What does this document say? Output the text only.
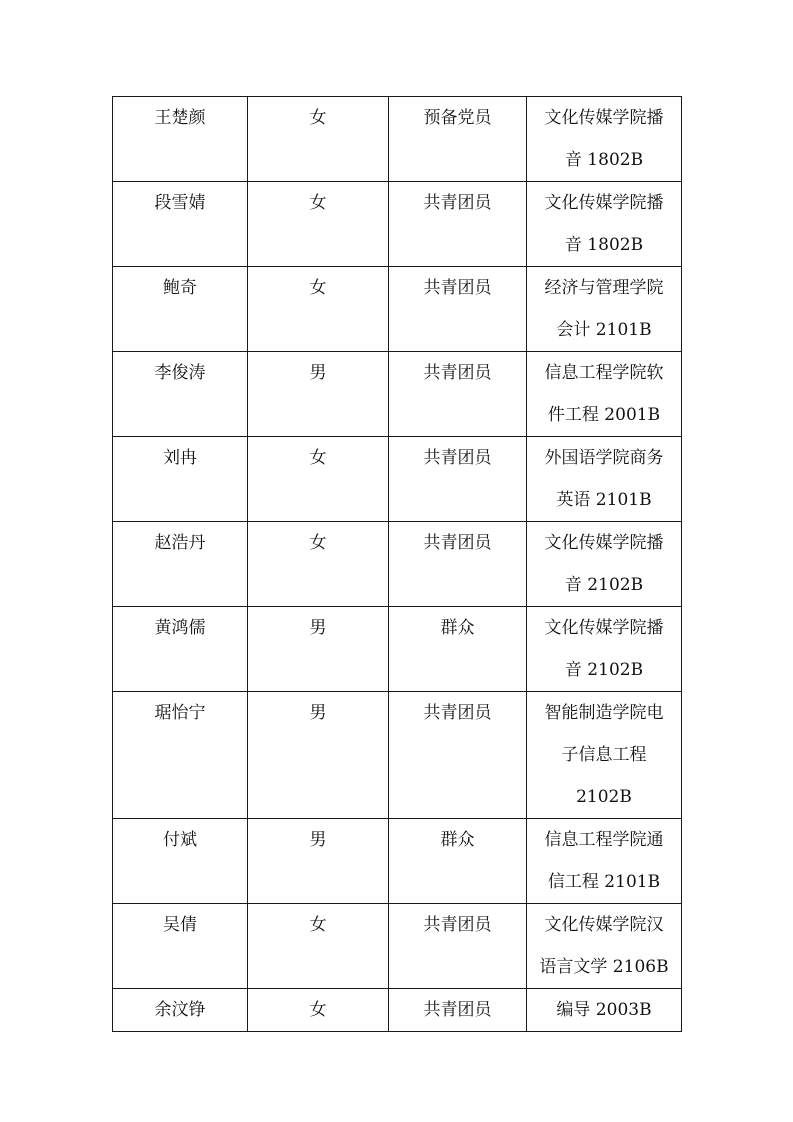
王楚颜	女	预备党员	文化传媒学院播
音 1802B

段雪婧	女	共青团员	文化传媒学院播
音 1802B

鲍奇	女	共青团员	经济与管理学院
会计 2101B

李俊涛	男	共青团员	信息工程学院软
件工程 2001B

刘冉	女	共青团员	外国语学院商务
英语 2101B

赵浩丹	女	共青团员	文化传媒学院播
音 2102B

黄鸿儒	男	群众	文化传媒学院播
音 2102B

琚怡宁	男	共青团员	智能制造学院电
子信息工程
2102B

付斌	男	群众	信息工程学院通
信工程 2101B

吴倩	女	共青团员	文化传媒学院汉
语言文学 2106B

余汶铮	女	共青团员	编导 2003B
